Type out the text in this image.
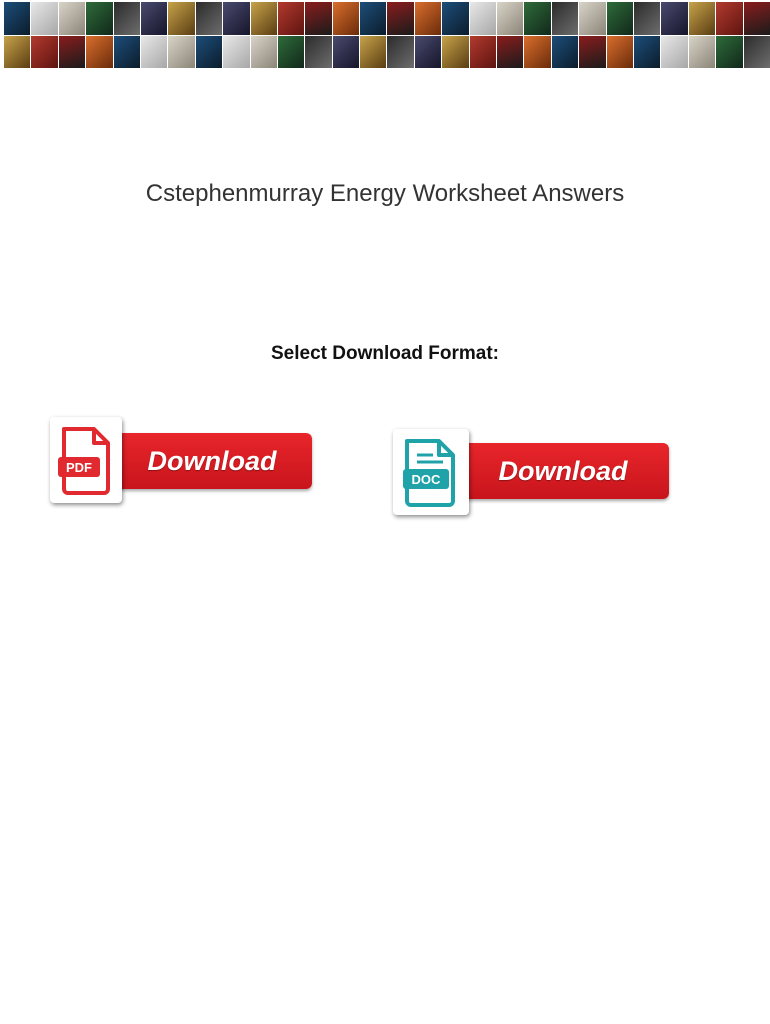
Cstephenmurray Energy Worksheet Answers
Select Download Format:
Download
PDF	Download
DOC
